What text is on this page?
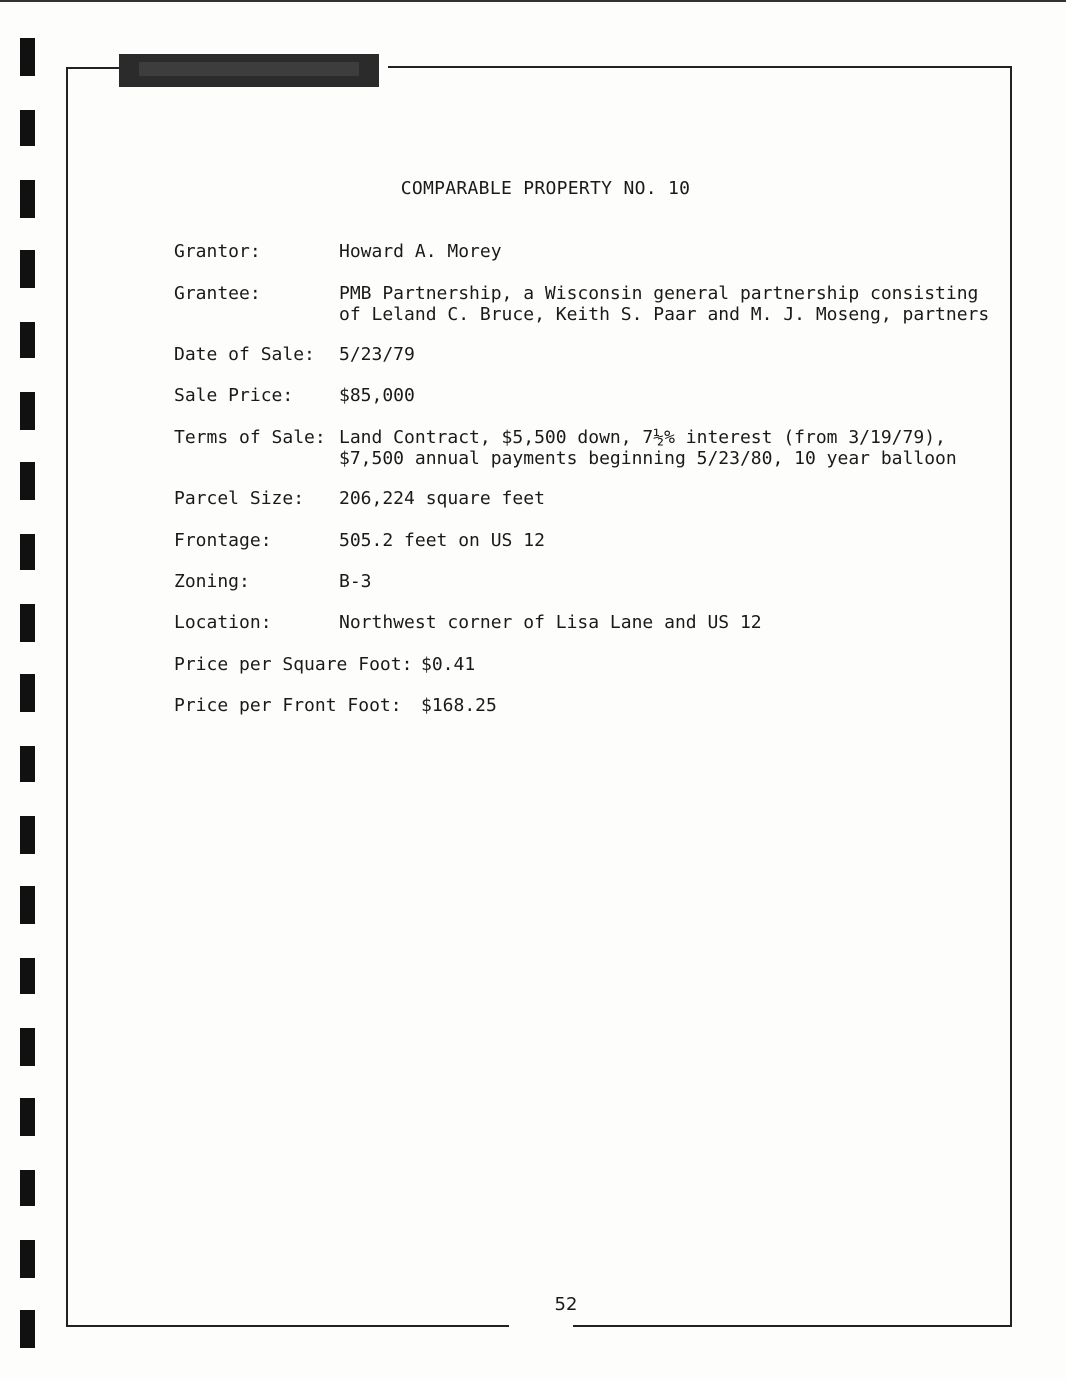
COMPARABLE PROPERTY NO. 10
Grantor:	Howard A. Morey
Grantee:	PMB Partnership, a Wisconsin general partnership consisting
of Leland C. Bruce, Keith S. Paar and M. J. Moseng, partners
Date of Sale: 5/23/79
Sale Price:	$85,000
Terms of Sale: Land Contract, $5,500 down, 7½% interest (from 3/19/79),
$7,500 annual payments beginning 5/23/80, 10 year balloon
Parcel Size: 206,224 square feet
Frontage:	505.2 feet on US 12
Zoning:	B-3
Location:	Northwest corner of Lisa Lane and US 12
Price per Square Foot: $0.41
Price per Front Foot: $168.25
52
